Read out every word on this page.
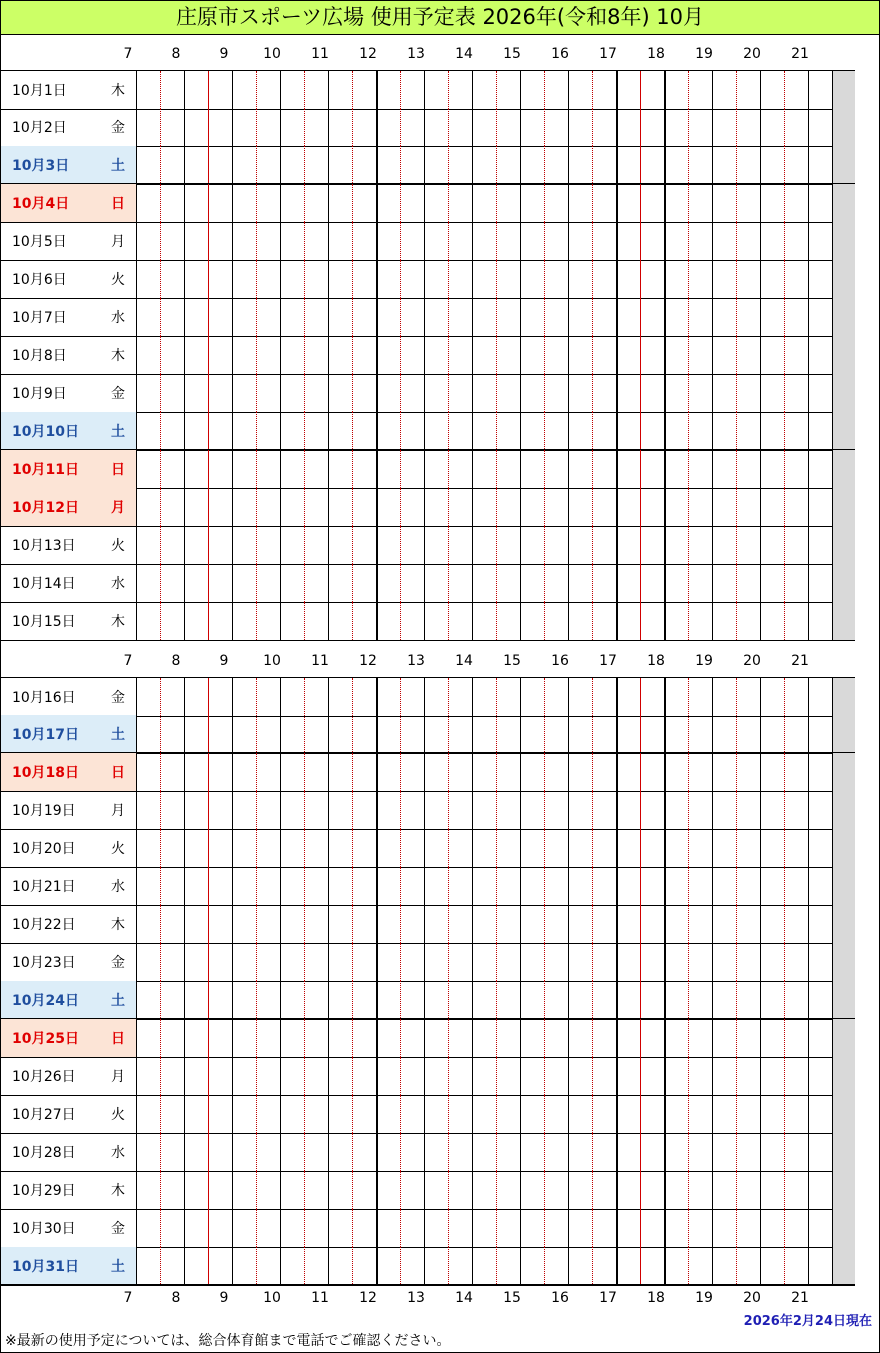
庄原市スポーツ広場 使用予定表 2026年(令和8年) 10月
7	8	9	10 11 12 13 14 15 16 17 18 19 20 21
10月1日	木
10月2日	金
10月3日	土
10月4日	日
10月5日	月
10月6日	火
10月7日	水
10月8日	木
10月9日	金
10月10日 土
10月11日 日
10月12日 月
10月13日	火
10月14日	水
10月15日	木
7	8	9	10 11 12 13 14 15 16 17 18 19 20 21
10月16日	金
10月17日 土
10月18日 日
10月19日	月
10月20日	火
10月21日	水
10月22日	木
10月23日	金
10月24日 土
10月25日 日
10月26日	月
10月27日	火
10月28日	水
10月29日	木
10月30日	金
10月31日 土
7	8	9	10 11 12 13 14 15 16 17 18 19 20 21
2026年2月24日現在
※最新の使用予定については、総合体育館まで電話でご確認ください。
